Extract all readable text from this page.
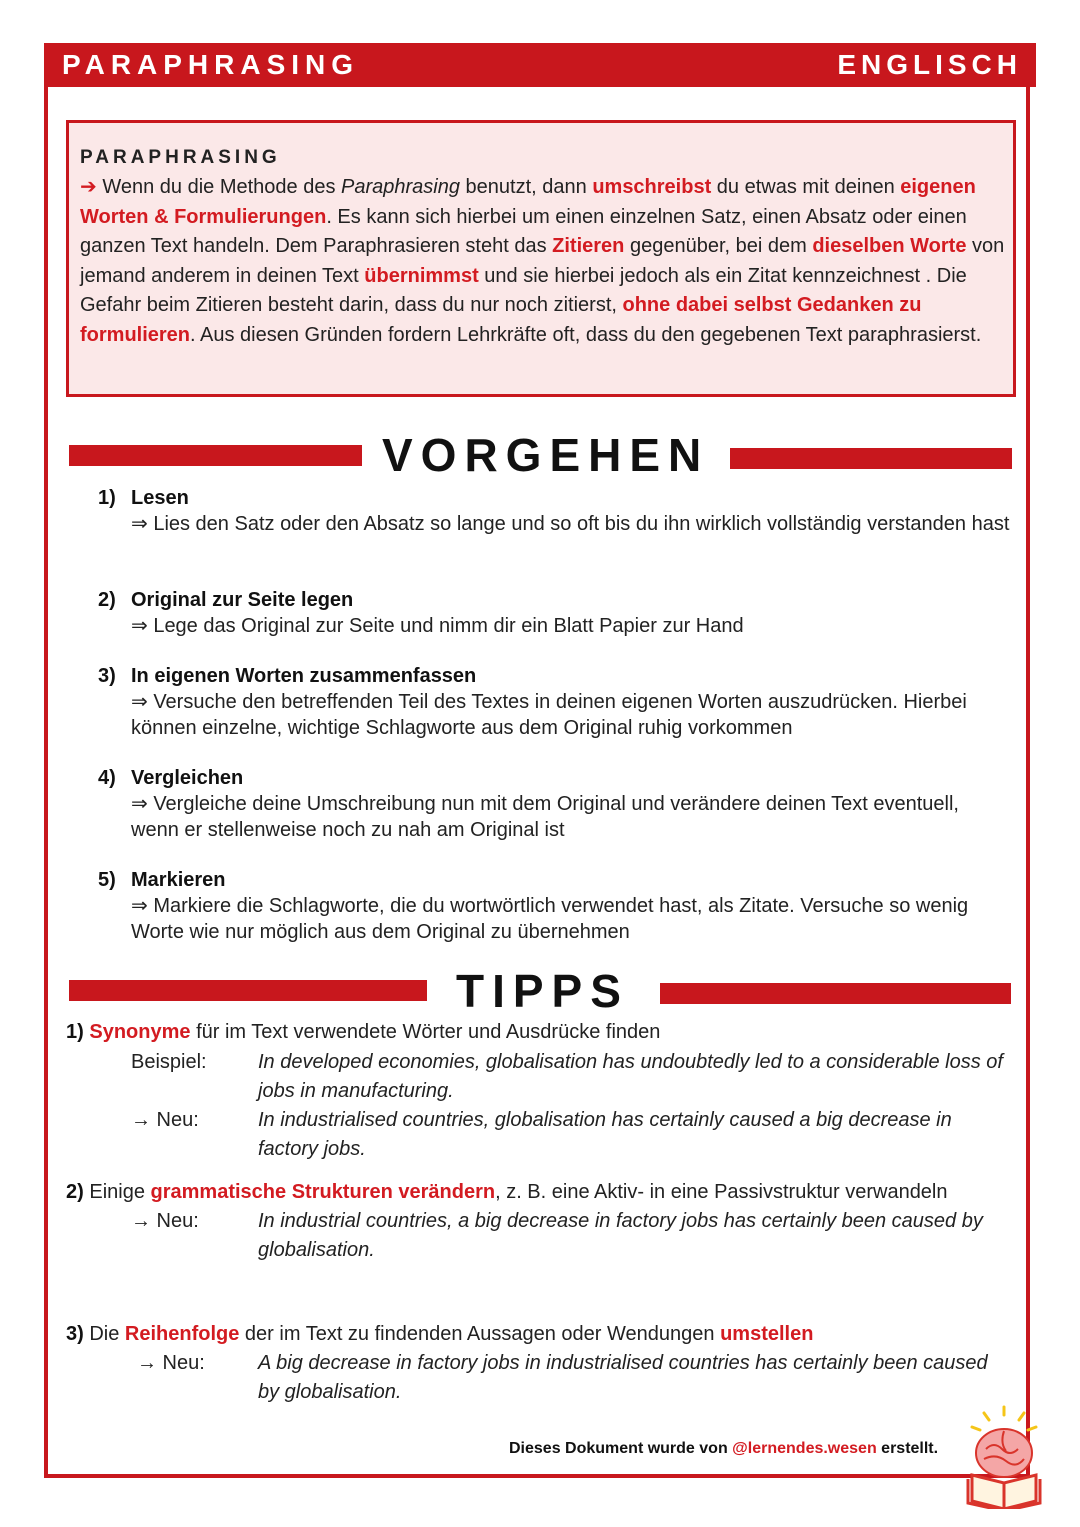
PARAPHRASING	ENGLISCH
PARAPHRASING
➔ Wenn du die Methode des Paraphrasing benutzt, dann umschreibst du etwas mit deinen eigenen Worten & Formulierungen. Es kann sich hierbei um einen einzelnen Satz, einen Absatz oder einen ganzen Text handeln. Dem Paraphrasieren steht das Zitieren gegenüber, bei dem dieselben Worte von jemand anderem in deinen Text übernimmst und sie hierbei jedoch als ein Zitat kennzeichnest . Die Gefahr beim Zitieren besteht darin, dass du nur noch zitierst, ohne dabei selbst Gedanken zu formulieren. Aus diesen Gründen fordern Lehrkräfte oft, dass du den gegebenen Text paraphrasierst.
VORGEHEN
1) Lesen
⇒ Lies den Satz oder den Absatz so lange und so oft bis du ihn wirklich vollständig verstanden hast
2) Original zur Seite legen
⇒ Lege das Original zur Seite und nimm dir ein Blatt Papier zur Hand
3) In eigenen Worten zusammenfassen
⇒ Versuche den betreffenden Teil des Textes in deinen eigenen Worten auszudrücken. Hierbei können einzelne, wichtige Schlagworte aus dem Original ruhig vorkommen
4) Vergleichen
⇒ Vergleiche deine Umschreibung nun mit dem Original und verändere deinen Text eventuell, wenn er stellenweise noch zu nah am Original ist
5) Markieren
⇒ Markiere die Schlagworte, die du wortwörtlich verwendet hast, als Zitate. Versuche so wenig Worte wie nur möglich aus dem Original zu übernehmen
TIPPS
1) Synonyme für im Text verwendete Wörter und Ausdrücke finden
Beispiel:	In developed economies, globalisation has undoubtedly led to a considerable loss of jobs in manufacturing.
→ Neu:	In industrialised countries, globalisation has certainly caused a big decrease in factory jobs.
2) Einige grammatische Strukturen verändern, z. B. eine Aktiv- in eine Passivstruktur verwandeln
→ Neu:	In industrial countries, a big decrease in factory jobs has certainly been caused by globalisation.
3) Die Reihenfolge der im Text zu findenden Aussagen oder Wendungen umstellen
→ Neu:	A big decrease in factory jobs in industrialised countries has certainly been caused by globalisation.
Dieses Dokument wurde von @lernendes.wesen erstellt.
